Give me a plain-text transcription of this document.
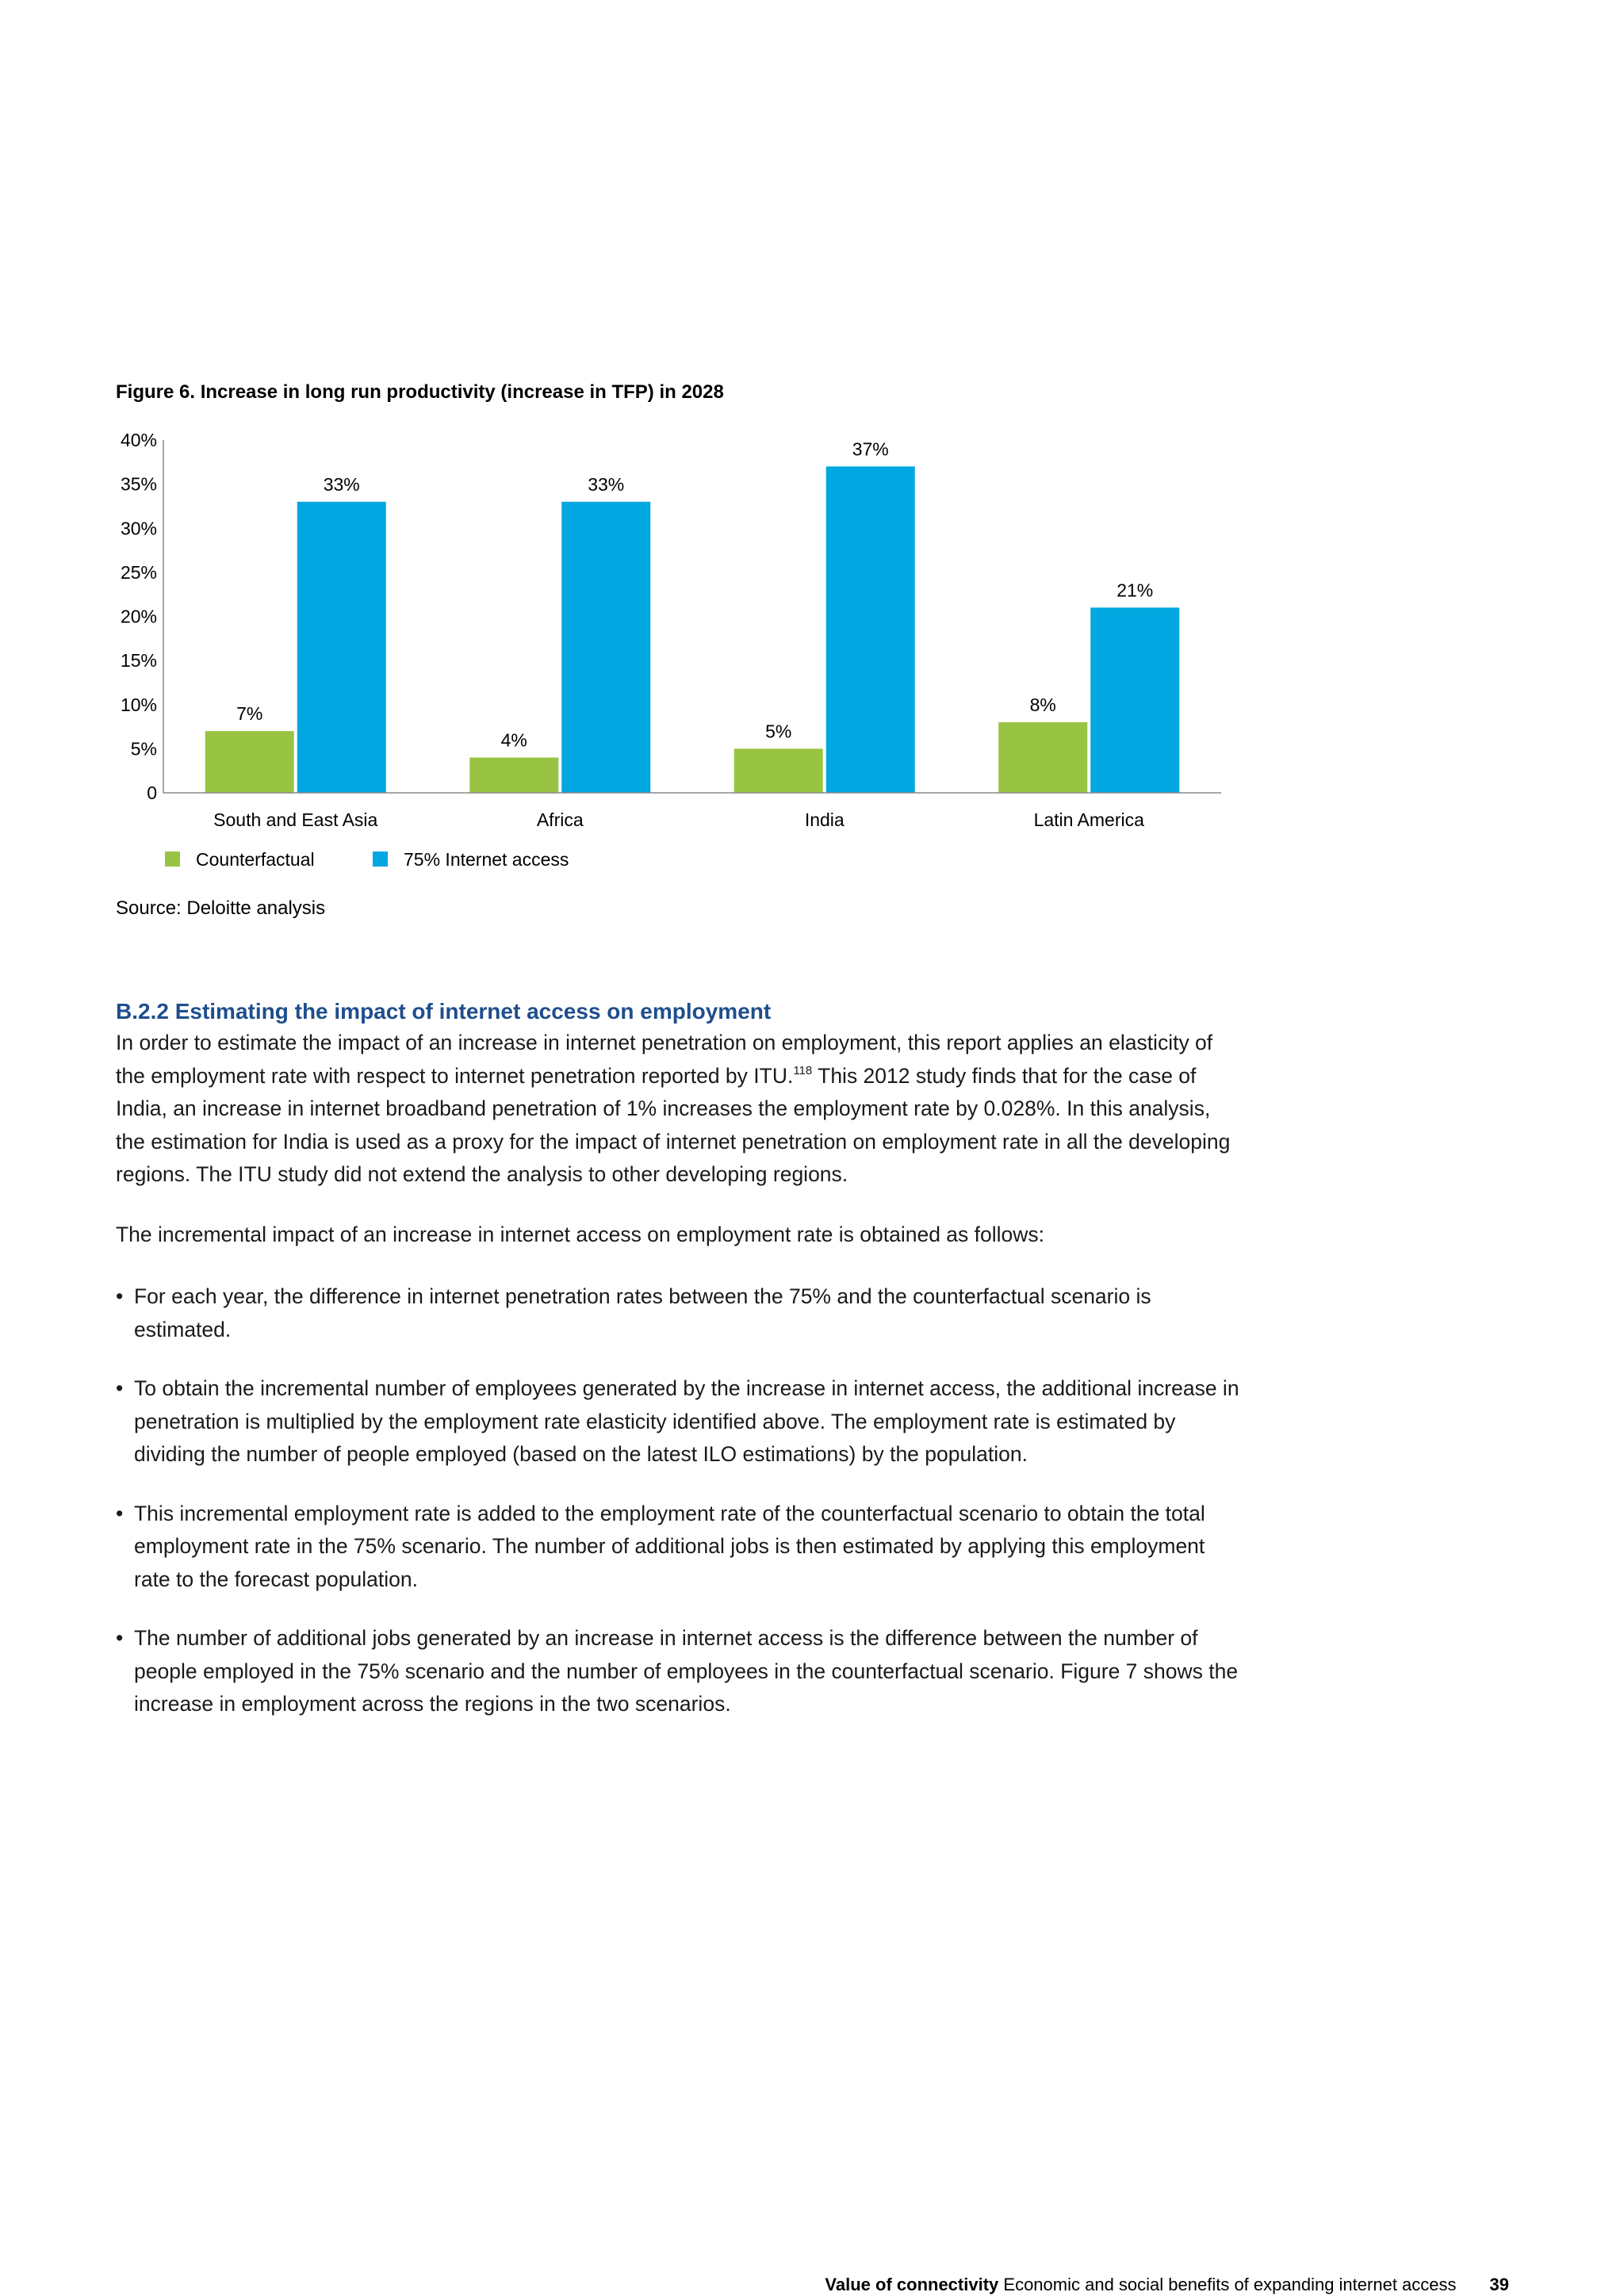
Figure 6. Increase in long run productivity (increase in TFP) in 2028
0
5%
10%
15%
20%
25%
30%
35%
40%
7%
33%
4%
33%
5%
37%
8%
21%
South and East Asia	Africa	India	Latin America
Counterfactual	75% Internet access
Source: Deloitte analysis
B.2.2 Estimating the impact of internet access on employment

In order to estimate the impact of an increase in internet penetration on employment, this report applies an elasticity of the employment rate with respect to internet penetration reported by ITU.$^{118}$ This 2012 study finds that for the case of India, an increase in internet broadband penetration of 1% increases the employment rate by 0.028%. In this analysis, the estimation for India is used as a proxy for the impact of internet penetration on employment rate in all the developing regions. The ITU study did not extend the analysis to other developing regions.

The incremental impact of an increase in internet access on employment rate is obtained as follows:

• For each year, the difference in internet penetration rates between the 75% and the counterfactual scenario is estimated.
• To obtain the incremental number of employees generated by the increase in internet access, the additional increase in penetration is multiplied by the employment rate elasticity identified above. The employment rate is estimated by dividing the number of people employed (based on the latest ILO estimations) by the population.
• This incremental employment rate is added to the employment rate of the counterfactual scenario to obtain the total employment rate in the 75% scenario. The number of additional jobs is then estimated by applying this employment rate to the forecast population.
• The number of additional jobs generated by an increase in internet access is the difference between the number of people employed in the 75% scenario and the number of employees in the counterfactual scenario. Figure 7 shows the increase in employment across the regions in the two scenarios.
Value of connectivity Economic and social benefits of expanding internet access 39
